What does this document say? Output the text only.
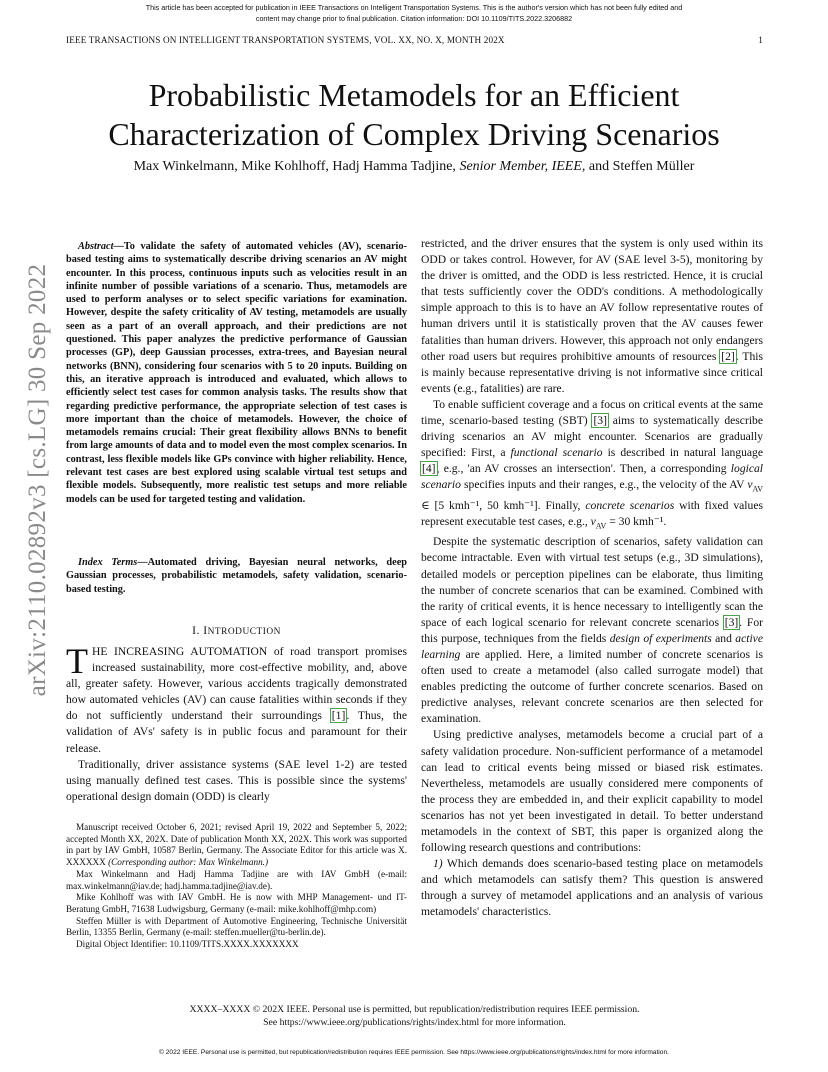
This article has been accepted for publication in IEEE Transactions on Intelligent Transportation Systems. This is the author's version which has not been fully edited and
content may change prior to final publication. Citation information: DOI 10.1109/TITS.2022.3206882
IEEE TRANSACTIONS ON INTELLIGENT TRANSPORTATION SYSTEMS, VOL. XX, NO. X, MONTH 202X	1
Probabilistic Metamodels for an Efficient
Characterization of Complex Driving Scenarios
Max Winkelmann, Mike Kohlhoff, Hadj Hamma Tadjine, Senior Member, IEEE, and Steffen Müller
arXiv:2110.02892v3 [cs.LG] 30 Sep 2022

Abstract—To validate the safety of automated vehicles (AV), scenario-based testing aims to systematically describe driving scenarios an AV might encounter. In this process, continuous inputs such as velocities result in an infinite number of possible variations of a scenario. Thus, metamodels are used to perform analyses or to select specific variations for examination. However, despite the safety criticality of AV testing, metamodels are usually seen as a part of an overall approach, and their predictions are not questioned. This paper analyzes the predictive performance of Gaussian processes (GP), deep Gaussian processes, extra-trees, and Bayesian neural networks (BNN), considering four scenarios with 5 to 20 inputs. Building on this, an iterative approach is introduced and evaluated, which allows to efficiently select test cases for common analysis tasks. The results show that regarding predictive performance, the appropriate selection of test cases is more important than the choice of metamodels. However, the choice of metamodels remains crucial: Their great flexibility allows BNNs to benefit from large amounts of data and to model even the most complex scenarios. In contrast, less flexible models like GPs convince with higher reliability. Hence, relevant test cases are best explored using scalable virtual test setups and flexible models. Subsequently, more realistic test setups and more reliable models can be used for targeted testing and validation.

Index Terms—Automated driving, Bayesian neural networks, deep Gaussian processes, probabilistic metamodels, safety validation, scenario-based testing.

I. INTRODUCTION

THE INCREASING AUTOMATION of road transport promises increased sustainability, more cost-effective mobility, and, above all, greater safety. However, various accidents tragically demonstrated how automated vehicles (AV) can cause fatalities within seconds if they do not sufficiently understand their surroundings [1]. Thus, the validation of AVs' safety is in public focus and paramount for their release.

Traditionally, driver assistance systems (SAE level 1-2) are tested using manually defined test cases. This is possible since the systems' operational design domain (ODD) is clearly

Manuscript received October 6, 2021; revised April 19, 2022 and September 5, 2022; accepted Month XX, 202X. Date of publication Month XX, 202X. This work was supported in part by IAV GmbH, 10587 Berlin, Germany. The Associate Editor for this article was X. XXXXXX (Corresponding author: Max Winkelmann.)

Max Winkelmann and Hadj Hamma Tadjine are with IAV GmbH (e-mail: max.winkelmann@iav.de; hadj.hamma.tadjine@iav.de).

Mike Kohlhoff was with IAV GmbH. He is now with MHP Management- und IT-Beratung GmbH, 71638 Ludwigsburg, Germany (e-mail: mike.kohlhoff@mhp.com)

Steffen Müller is with Department of Automotive Engineering, Technische Universität Berlin, 13355 Berlin, Germany (e-mail: steffen.mueller@tu-berlin.de).

Digital Object Identifier: 10.1109/TITS.XXXX.XXXXXXX

restricted, and the driver ensures that the system is only used within its ODD or takes control. However, for AV (SAE level 3-5), monitoring by the driver is omitted, and the ODD is less restricted. Hence, it is crucial that tests sufficiently cover the ODD's conditions. A methodologically simple approach to this is to have an AV follow representative routes of human drivers until it is statistically proven that the AV causes fewer fatalities than human drivers. However, this approach not only endangers other road users but requires prohibitive amounts of resources [2]. This is mainly because representative driving is not informative since critical events (e.g., fatalities) are rare.

To enable sufficient coverage and a focus on critical events at the same time, scenario-based testing (SBT) [3] aims to systematically describe driving scenarios an AV might encounter. Scenarios are gradually specified: First, a functional scenario is described in natural language [4], e.g., 'an AV crosses an intersection'. Then, a corresponding logical scenario specifies inputs and their ranges, e.g., the velocity of the AV $v_{AV}$ ∈ [5 kmh⁻¹, 50 kmh⁻¹]. Finally, concrete scenarios with fixed values represent executable test cases, e.g., $v_{AV} = 30$ kmh⁻¹.

Despite the systematic description of scenarios, safety validation can become intractable. Even with virtual test setups (e.g., 3D simulations), detailed models or perception pipelines can be elaborate, thus limiting the number of concrete scenarios that can be examined. Combined with the rarity of critical events, it is hence necessary to intelligently scan the space of each logical scenario for relevant concrete scenarios [3]. For this purpose, techniques from the fields design of experiments and active learning are applied. Here, a limited number of concrete scenarios is often used to create a metamodel (also called surrogate model) that enables predicting the outcome of further concrete scenarios. Based on predictive analyses, relevant concrete scenarios are then selected for examination.

Using predictive analyses, metamodels become a crucial part of a safety validation procedure. Non-sufficient performance of a metamodel can lead to critical events being missed or biased risk estimates. Nevertheless, metamodels are usually considered mere components of the process they are embedded in, and their explicit capability to model scenarios has not yet been investigated in detail. To better understand metamodels in the context of SBT, this paper is organized along the following research questions and contributions:

1) Which demands does scenario-based testing place on metamodels and which metamodels can satisfy them? This question is answered through a survey of metamodel applications and an analysis of various metamodels' characteristics.

XXXX–XXXX © 202X IEEE. Personal use is permitted, but republication/redistribution requires IEEE permission.
See https://www.ieee.org/publications/rights/index.html for more information.
© 2022 IEEE. Personal use is permitted, but republication/redistribution requires IEEE permission. See https://www.ieee.org/publications/rights/index.html for more information.
